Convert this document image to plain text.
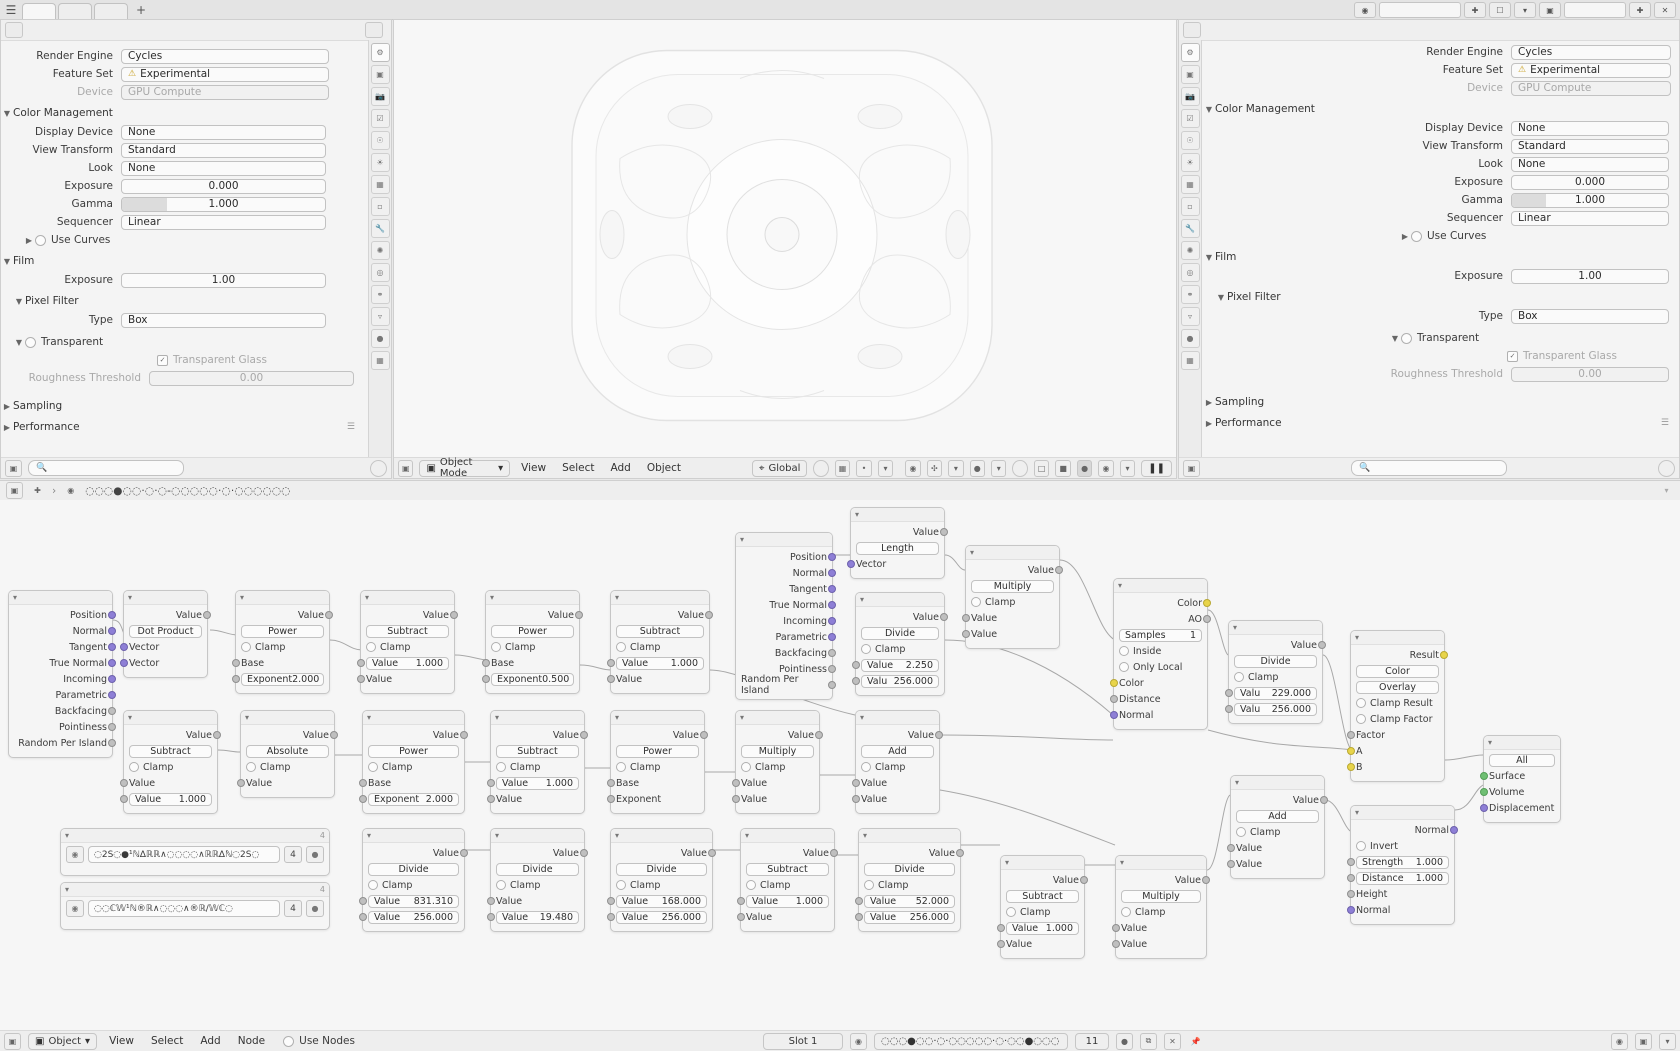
☰	+	◉	✚	☐	▾	▣	✚	✕
⚙
▣
📷
☑
☉
☀
▦
▫
🔧
✺
◎
⚭
▿
●
▦
Render Engine	Cycles
Feature Set	⚠ Experimental
Device	GPU Compute
▼ Color Management
Display Device	None
View Transform	Standard
Look	None
Exposure	0.000
Gamma	1.000
Sequencer	Linear
▶ Use Curves
▼ Film
Exposure	1.00
▼ Pixel Filter
Type	Box
▼ Transparent
✓ Transparent Glass
Roughness Threshold	0.00
▶ Sampling
▶ Performance	☰
▣	🔍	▣	▣ Object Mode	▾	View	Select	Add	Object	⌖ Global	▦	•	▾	◉	✣	▾	●	▾	□	■	●	◉	▾	❚❚
⚙
▣
📷
☑
☉
☀
▦
▫
🔧
✺
◎
⚭
▿
●
▦
Render Engine	Cycles
Feature Set	⚠ Experimental
Device	GPU Compute
▼ Color Management
Display Device	None
View Transform	Standard
Look	None
Exposure	0.000
Gamma	1.000
Sequencer	Linear
▶ Use Curves
▼ Film
Exposure	1.00
▼ Pixel Filter
Type	Box
▼ Transparent
✓ Transparent Glass
Roughness Threshold	0.00
▶ Sampling
▶ Performance	☰
▣	🔍
▣	✚	›	◉	◌◌◌●◌◌·◌·◌-◌◌◌◌◌·◌·◌◌◌◌◌◌	▾
▾
Position
Normal
Tangent
True Normal
Incoming
Parametric
Backfacing
Pointiness
Random Per Island
▾
Value
Dot Product
Vector
Vector
▾
Value
Power
Clamp
Base
Exponent 2.000
▾
Value
Subtract
Clamp
Value 1.000
Value
▾
Value
Power
Clamp
Base
Exponent 0.500
▾
Value
Subtract
Clamp
Value 1.000
Value
▾
Position
Normal
Tangent
True Normal
Incoming
Parametric
Backfacing
Pointiness
Random Per Island
▾
Value
Length
Vector
▾
Value
Multiply
Clamp
Value
Value
▾
Value
Divide
Clamp
Value 2.250
Valu 256.000
▾
Color
AO
Samples	1
Inside
Only Local
Color
Distance
Normal
▾
Value
Divide
Clamp
Valu 229.000
Valu 256.000
▾
Result
Color
Overlay
Clamp Result
Clamp Factor
Factor
A
B
▾
All
Surface
Volume
Displacement
▾
Value
Subtract
Clamp
Value
Value 1.000
▾
Value
Absolute
Clamp
Value
▾
Value
Power
Clamp
Base
Exponent 2.000
▾
Value
Subtract
Clamp
Value 1.000
Value
▾
Value
Power
Clamp
Base
Exponent
▾
Value
Multiply
Clamp
Value
Value
▾
Value
Add
Clamp
Value
Value
▾
Value
Add
Clamp
Value
Value
▾
Normal
Invert
Strength 1.000
Distance 1.000
Height
Normal
▾
Value
Divide
Clamp
Value 831.310
Value 256.000
▾
Value
Divide
Clamp
Value
Value 19.480
▾
Value
Divide
Clamp
Value 168.000
Value 256.000
▾
Value
Subtract
Clamp
Value 1.000
Value
▾
Value
Divide
Clamp
Value 52.000
Value 256.000
▾
Value
Subtract
Clamp
Value 1.000
Value
▾
Value
Multiply
Clamp
Value
Value
▾	4
◉	◌2S◌●¹ℕ∆ℝℝ∧◌◌◌◌∧ℝℝ∆ℕ◌2S◌	4	●
▾	4
◉	◌◌ℂ𝕎¹ℕ®ℝ∧◌◌◌∧®ℝ/𝕎ℂ◌	4	●
▣	▣ Object ▾	View	Select	Add	Node	Use Nodes	Slot 1	◉	◌◌◌●◌◌·◌·◌◌◌◌◌·◌·◌◌●◌◌◌	11	●	⧉	✕	📌	◉	▣	▾
